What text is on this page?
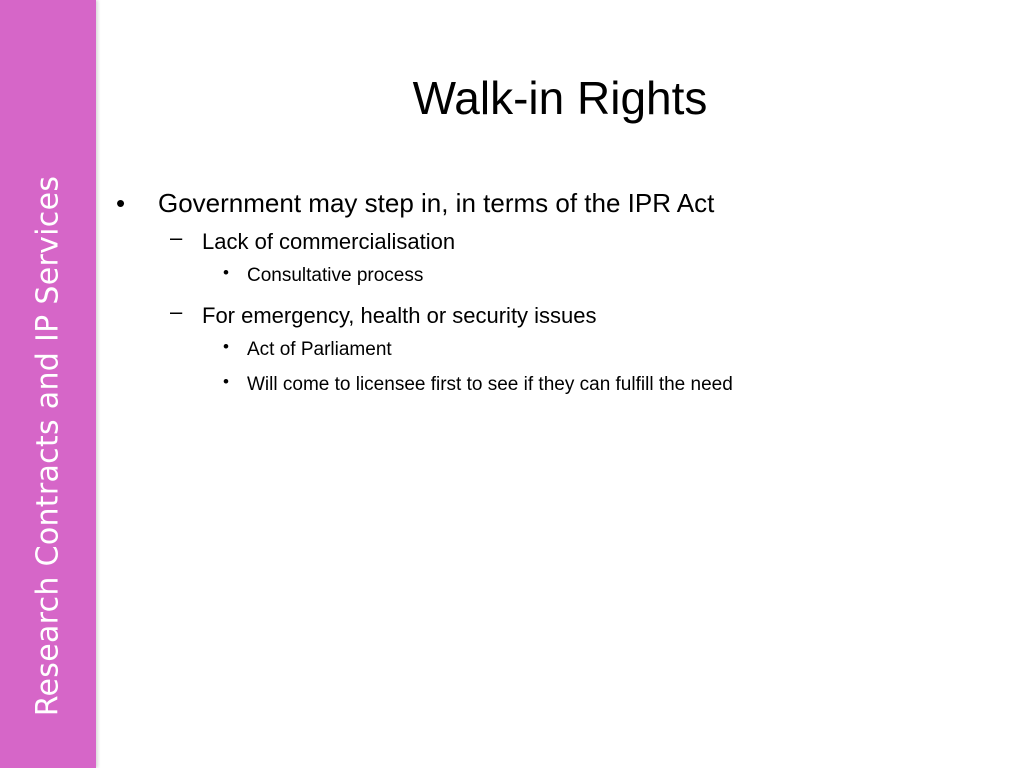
Research Contracts and IP Services
Walk-in Rights
• Government may step in, in terms of the IPR Act
– Lack of commercialisation
• Consultative process
– For emergency, health or security issues
• Act of Parliament
• Will come to licensee first to see if they can fulfill the need
